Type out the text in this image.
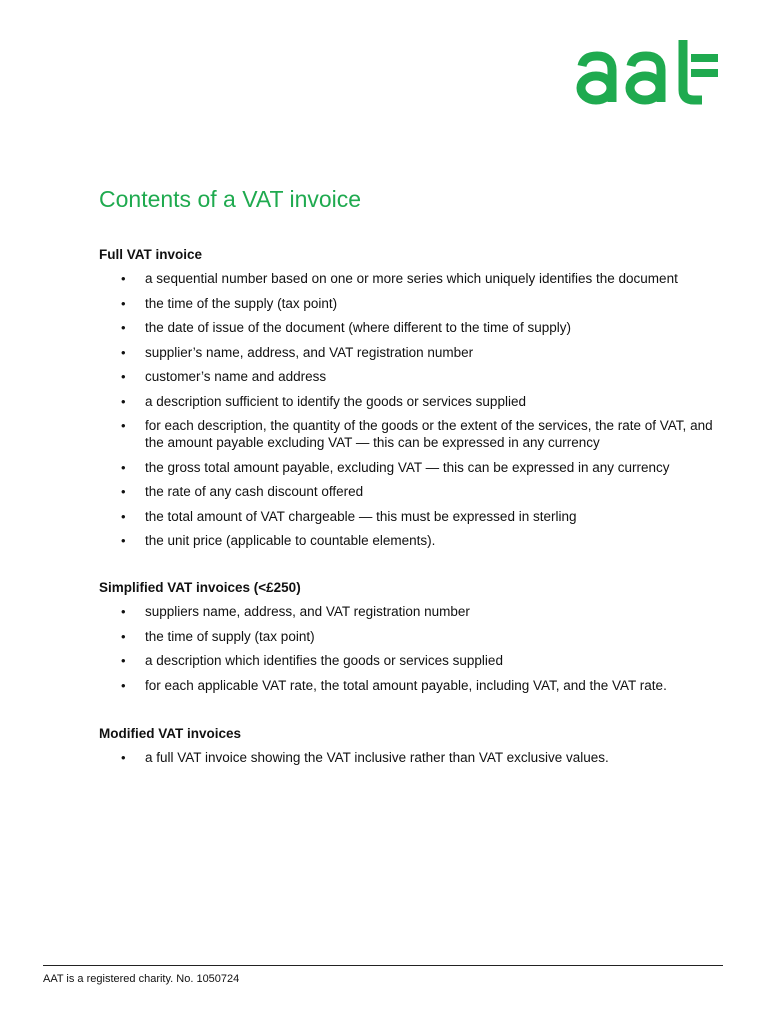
Contents of a VAT invoice
Full VAT invoice
• a sequential number based on one or more series which uniquely identifies the document
• the time of the supply (tax point)
• the date of issue of the document (where different to the time of supply)
• supplier’s name, address, and VAT registration number
• customer’s name and address
• a description sufficient to identify the goods or services supplied
• for each description, the quantity of the goods or the extent of the services, the rate of VAT, and the amount payable excluding VAT — this can be expressed in any currency
• the gross total amount payable, excluding VAT — this can be expressed in any currency
• the rate of any cash discount offered
• the total amount of VAT chargeable — this must be expressed in sterling
• the unit price (applicable to countable elements).
Simplified VAT invoices (<£250)
• suppliers name, address, and VAT registration number
• the time of supply (tax point)
• a description which identifies the goods or services supplied
• for each applicable VAT rate, the total amount payable, including VAT, and the VAT rate.
Modified VAT invoices
• a full VAT invoice showing the VAT inclusive rather than VAT exclusive values.
AAT is a registered charity. No. 1050724
